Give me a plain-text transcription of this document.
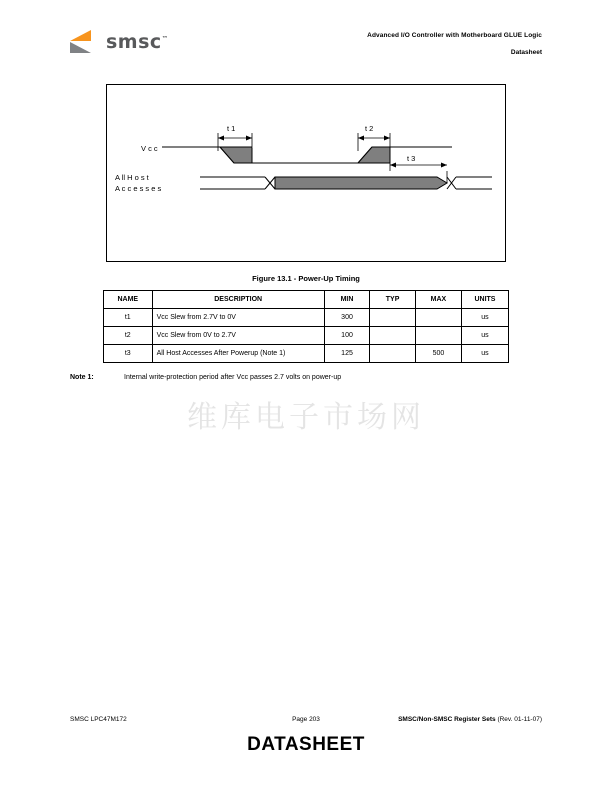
smsc™
Advanced I/O Controller with Motherboard GLUE Logic
Datasheet
V c c
A ll H o s t
A c c e s s e s
t 1	t 2
t 3
Figure 13.1 - Power-Up Timing
NAME	DESCRIPTION	MIN	TYP	MAX	UNITS
t1	Vcc Slew from 2.7V to 0V	300			us
t2	Vcc Slew from 0V to 2.7V	100			us
t3	All Host Accesses After Powerup (Note 1)	125		500	us
Note 1:	Internal write-protection period after Vcc passes 2.7 volts on power-up
维库电子市场网
SMSC LPC47M172	Page 203	SMSC/Non-SMSC Register Sets (Rev. 01-11-07)
DATASHEET
